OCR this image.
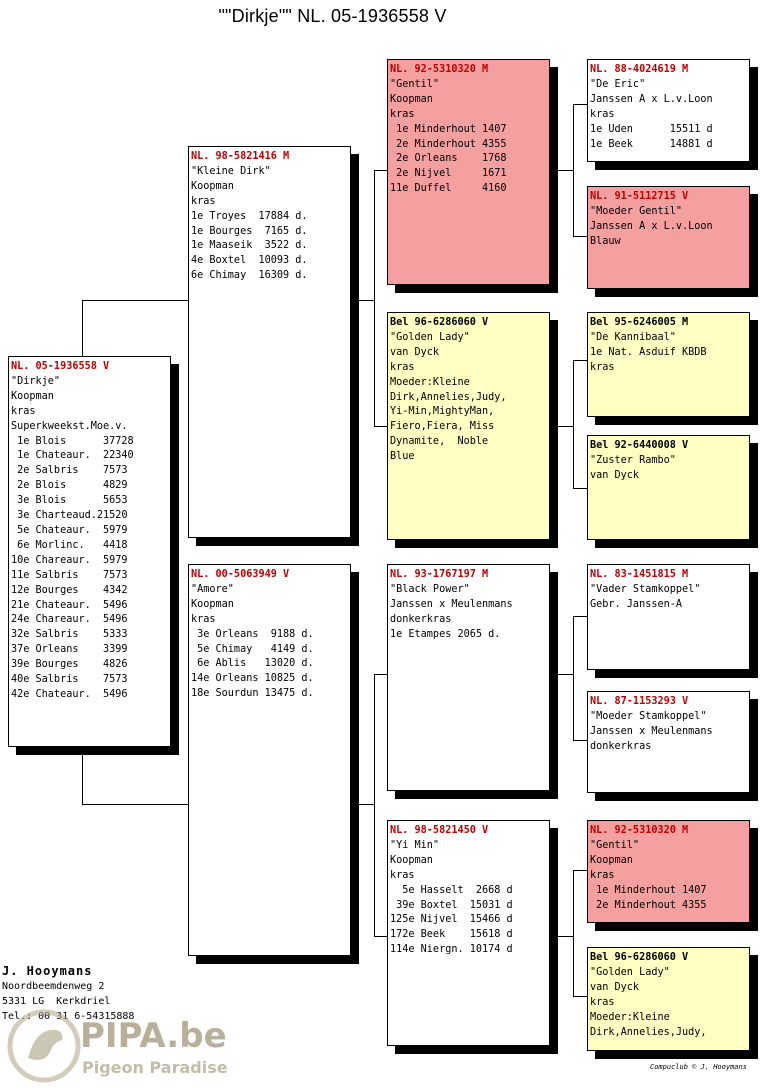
""Dirkje"" NL. 05-1936558 V
NL. 05-1936558 V
"Dirkje"
Koopman
kras
Superkweekst.Moe.v.
1e Blois      37728
1e Chateaur.  22340
2e Salbris    7573
2e Blois      4829
3e Blois      5653
3e Charteaud.21520
5e Chateaur.  5979
6e Morlinc.   4418
10e Chareaur.  5979
11e Salbris    7573
12e Bourges    4342
21e Chateaur.  5496
24e Chareaur.  5496
32e Salbris    5333
37e Orleans    3399
39e Bourges    4826
40e Salbris    7573
42e Chateaur.  5496
NL. 98-5821416 M
"Kleine Dirk"
Koopman
kras
1e Troyes  17884 d.
1e Bourges  7165 d.
1e Maaseik  3522 d.
4e Boxtel  10093 d.
6e Chimay  16309 d.
NL. 00-5063949 V
"Amore"
Koopman
kras
3e Orleans  9188 d.
5e Chimay   4149 d.
6e Ablis   13020 d.
14e Orleans 10825 d.
18e Sourdun 13475 d.
NL. 92-5310320 M
"Gentil"
Koopman
kras
1e Minderhout 1407
2e Minderhout 4355
2e Orleans    1768
2e Nijvel     1671
11e Duffel     4160
Bel 96-6286060 V
"Golden Lady"
van Dyck
kras
Moeder:Kleine
Dirk,Annelies,Judy,
Yi-Min,MightyMan,
Fiero,Fiera, Miss
Dynamite,  Noble
Blue
NL. 93-1767197 M
"Black Power"
Janssen x Meulenmans
donkerkras
1e Etampes 2065 d.
NL. 98-5821450 V
"Yi Min"
Koopman
kras
5e Hasselt  2668 d
39e Boxtel  15031 d
125e Nijvel  15466 d
172e Beek    15618 d
114e Niergn. 10174 d
NL. 88-4024619 M
"De Eric"
Janssen A x L.v.Loon
kras
1e Uden      15511 d
1e Beek      14881 d
NL. 91-5112715 V
"Moeder Gentil"
Janssen A x L.v.Loon
Blauw
Bel 95-6246005 M
"De Kannibaal"
1e Nat. Asduif KBDB
kras
Bel 92-6440008 V
"Zuster Rambo"
van Dyck
NL. 83-1451815 M
"Vader Stamkoppel"
Gebr. Janssen-A
NL. 87-1153293 V
"Moeder Stamkoppel"
Janssen x Meulenmans
donkerkras
NL. 92-5310320 M
"Gentil"
Koopman
kras
1e Minderhout 1407
2e Minderhout 4355
Bel 96-6286060 V
"Golden Lady"
van Dyck
kras
Moeder:Kleine
Dirk,Annelies,Judy,
J. Hooymans
Noordbeemdenweg 2
5331 LG  Kerkdriel
Tel.: 00 31 6-54315888
PIPA.be
Pigeon Paradise	Compuclub © J. Hooymans
